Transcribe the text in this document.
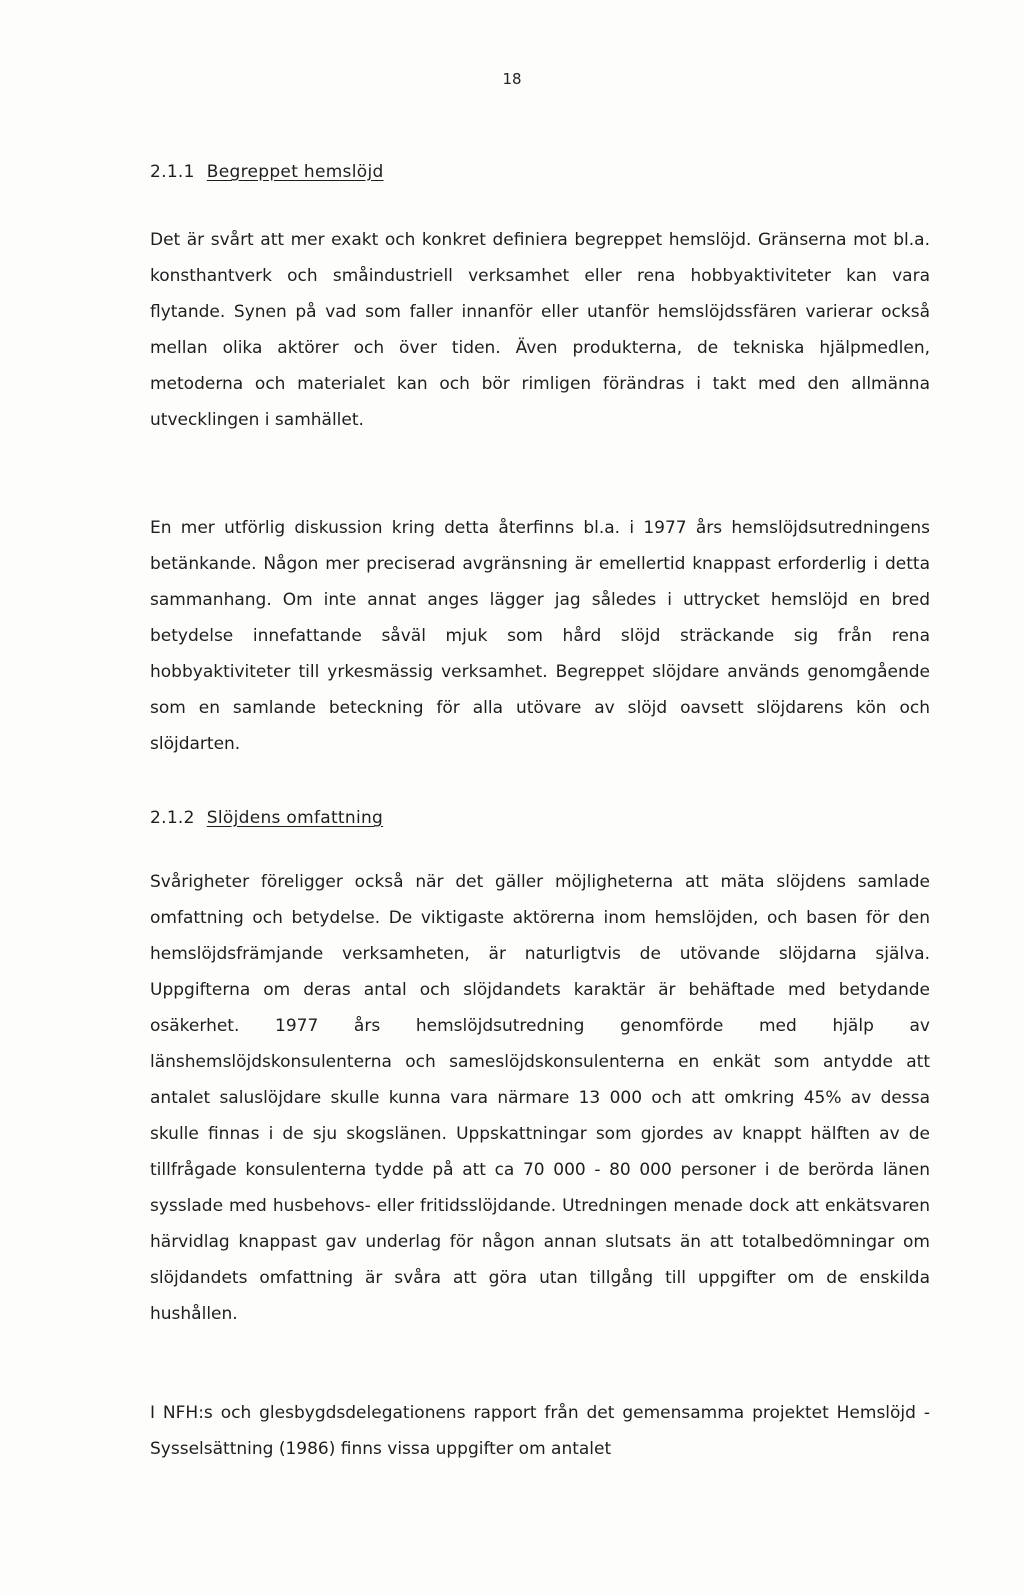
18
2.1.1 Begreppet hemslöjd

Det är svårt att mer exakt och konkret definiera begreppet hemslöjd. Gränserna mot bl.a. konsthantverk och småindustriell verksamhet eller rena hobbyaktiviteter kan vara flytande. Synen på vad som faller innanför eller utanför hemslöjdssfären varierar också mellan olika aktörer och över tiden. Även produkterna, de tekniska hjälpmedlen, metoderna och materialet kan och bör rimligen förändras i takt med den allmänna utvecklingen i samhället.

En mer utförlig diskussion kring detta återfinns bl.a. i 1977 års hemslöjdsutredningens betänkande. Någon mer preciserad avgränsning är emellertid knappast erforderlig i detta sammanhang. Om inte annat anges lägger jag således i uttrycket hemslöjd en bred betydelse innefattande såväl mjuk som hård slöjd sträckande sig från rena hobbyaktiviteter till yrkesmässig verksamhet. Begreppet slöjdare används genomgående som en samlande beteckning för alla utövare av slöjd oavsett slöjdarens kön och slöjdarten.

2.1.2 Slöjdens omfattning

Svårigheter föreligger också när det gäller möjligheterna att mäta slöjdens samlade omfattning och betydelse. De viktigaste aktörerna inom hemslöjden, och basen för den hemslöjdsfrämjande verksamheten, är naturligtvis de utövande slöjdarna själva. Uppgifterna om deras antal och slöjdandets karaktär är behäftade med betydande osäkerhet. 1977 års hemslöjdsutredning genomförde med hjälp av länshemslöjdskonsulenterna och sameslöjdskonsulenterna en enkät som antydde att antalet saluslöjdare skulle kunna vara närmare 13 000 och att omkring 45% av dessa skulle finnas i de sju skogslänen. Uppskattningar som gjordes av knappt hälften av de tillfrågade konsulenterna tydde på att ca 70 000 - 80 000 personer i de berörda länen sysslade med husbehovs- eller fritidsslöjdande. Utredningen menade dock att enkätsvaren härvidlag knappast gav underlag för någon annan slutsats än att totalbedömningar om slöjdandets omfattning är svåra att göra utan tillgång till uppgifter om de enskilda hushållen.

I NFH:s och glesbygdsdelegationens rapport från det gemensamma projektet Hemslöjd - Sysselsättning (1986) finns vissa uppgifter om antalet
